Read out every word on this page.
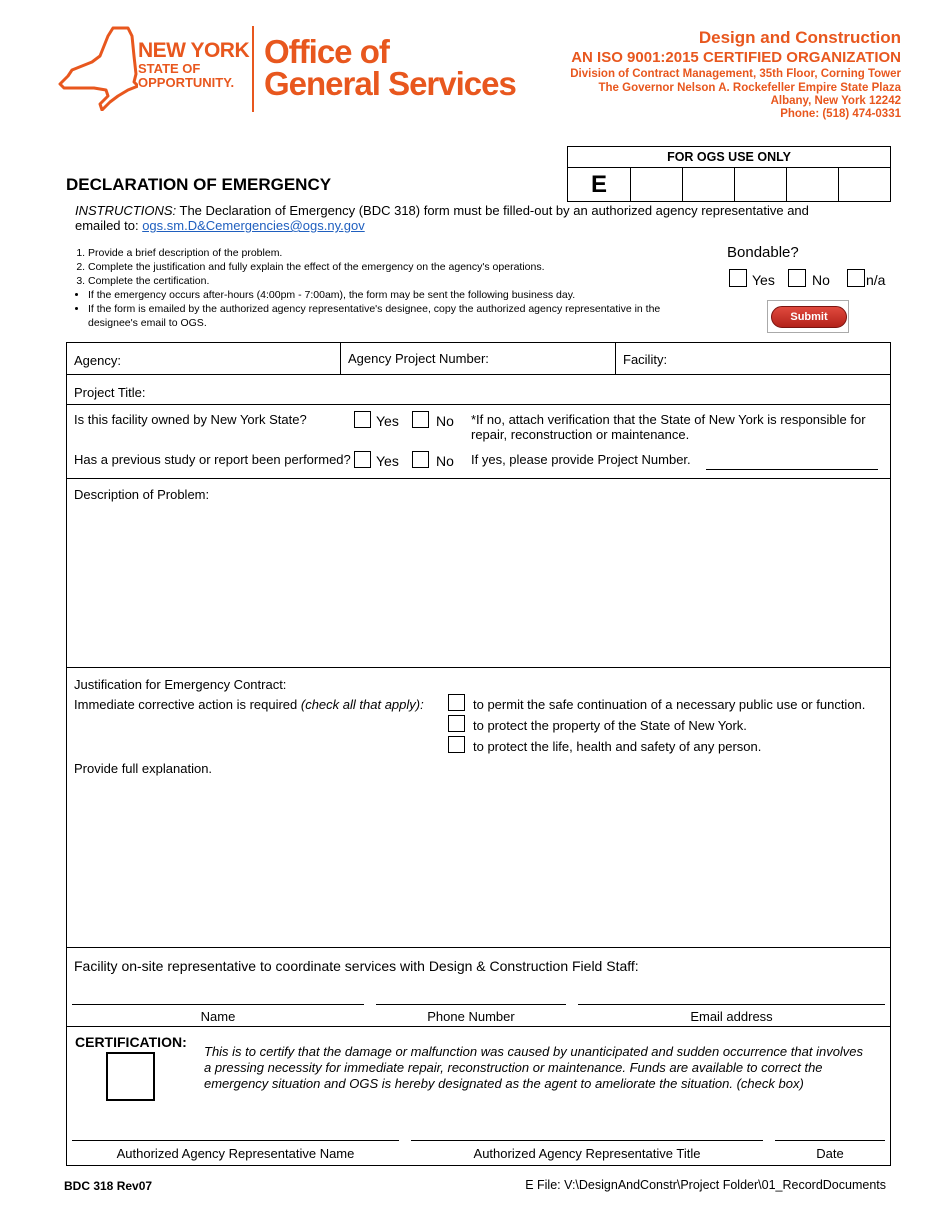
NEW YORK
STATE OF
OPPORTUNITY.
Office of
General Services
Design and Construction
AN ISO 9001:2015 CERTIFIED ORGANIZATION
Division of Contract Management, 35th Floor, Corning Tower
The Governor Nelson A. Rockefeller Empire State Plaza
Albany, New York 12242
Phone: (518) 474-0331
FOR OGS USE ONLY
E
DECLARATION OF EMERGENCY
INSTRUCTIONS: The Declaration of Emergency (BDC 318) form must be filled-out by an authorized agency representative and
emailed to: ogs.sm.D&Cemergencies@ogs.ny.gov
1. Provide a brief description of the problem.
2. Complete the justification and fully explain the effect of the emergency on the agency's operations.
3. Complete the certification.
• If the emergency occurs after-hours (4:00pm - 7:00am), the form may be sent the following business day.
• If the form is emailed by the authorized agency representative's designee, copy the authorized agency representative in the designee's email to OGS.
Bondable?
Yes	No	n/a
Submit
Agency:	Agency Project Number:	Facility:
Project Title:
Is this facility owned by New York State?	Yes	No *If no, attach verification that the State of New York is responsible for repair, reconstruction or maintenance.
Has a previous study or report been performed? Yes	No If yes, please provide Project Number.
Description of Problem:
Justification for Emergency Contract:
Immediate corrective action is required (check all that apply):	to permit the safe continuation of a necessary public use or function.
to protect the property of the State of New York.
to protect the life, health and safety of any person.
Provide full explanation.
Facility on-site representative to coordinate services with Design & Construction Field Staff:
Name	Phone Number	Email address
CERTIFICATION:
This is to certify that the damage or malfunction was caused by unanticipated and sudden occurrence that involves a pressing necessity for immediate repair, reconstruction or maintenance. Funds are available to correct the emergency situation and OGS is hereby designated as the agent to ameliorate the situation. (check box)
Authorized Agency Representative Name	Authorized Agency Representative Title	Date
BDC 318 Rev07	E File: V:\DesignAndConstr\Project Folder\01_RecordDocuments
